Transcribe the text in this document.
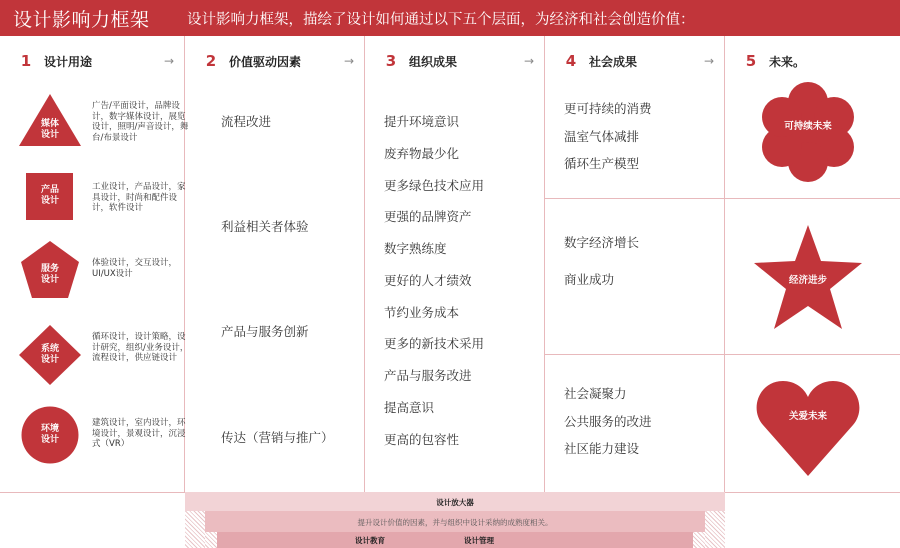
设计影响力框架	设计影响力框架，描绘了设计如何通过以下五个层面，为经济和社会创造价值：
1	设计用途	→
媒体
设计
广告/平面设计，品牌设计，数字媒体设计，展览设计，照明/声音设计，舞台/布景设计
产品
设计
工业设计，产品设计，家具设计，时尚和配件设计，软件设计
服务
设计
体验设计，交互设计，UI/UX设计
系统
设计
循环设计，设计策略，设计研究，组织/业务设计，流程设计，供应链设计
环境
设计
建筑设计，室内设计，环境设计，景观设计，沉浸式（VR）
2	价值驱动因素	→
流程改进
利益相关者体验
产品与服务创新
传达（营销与推广）
3	组织成果	→
提升环境意识
废弃物最少化
更多绿色技术应用
更强的品牌资产
数字熟练度
更好的人才绩效
节约业务成本
更多的新技术采用
产品与服务改进
提高意识
更高的包容性
4	社会成果	→
更可持续的消费
温室气体减排
循环生产模型
数字经济增长
商业成功
社会凝聚力
公共服务的改进
社区能力建设
5	未来。
可持续未来
经济进步
关爱未来
设计放大器
提升设计价值的因素，并与组织中设计采纳的成熟度相关。
设计教育	设计管理
